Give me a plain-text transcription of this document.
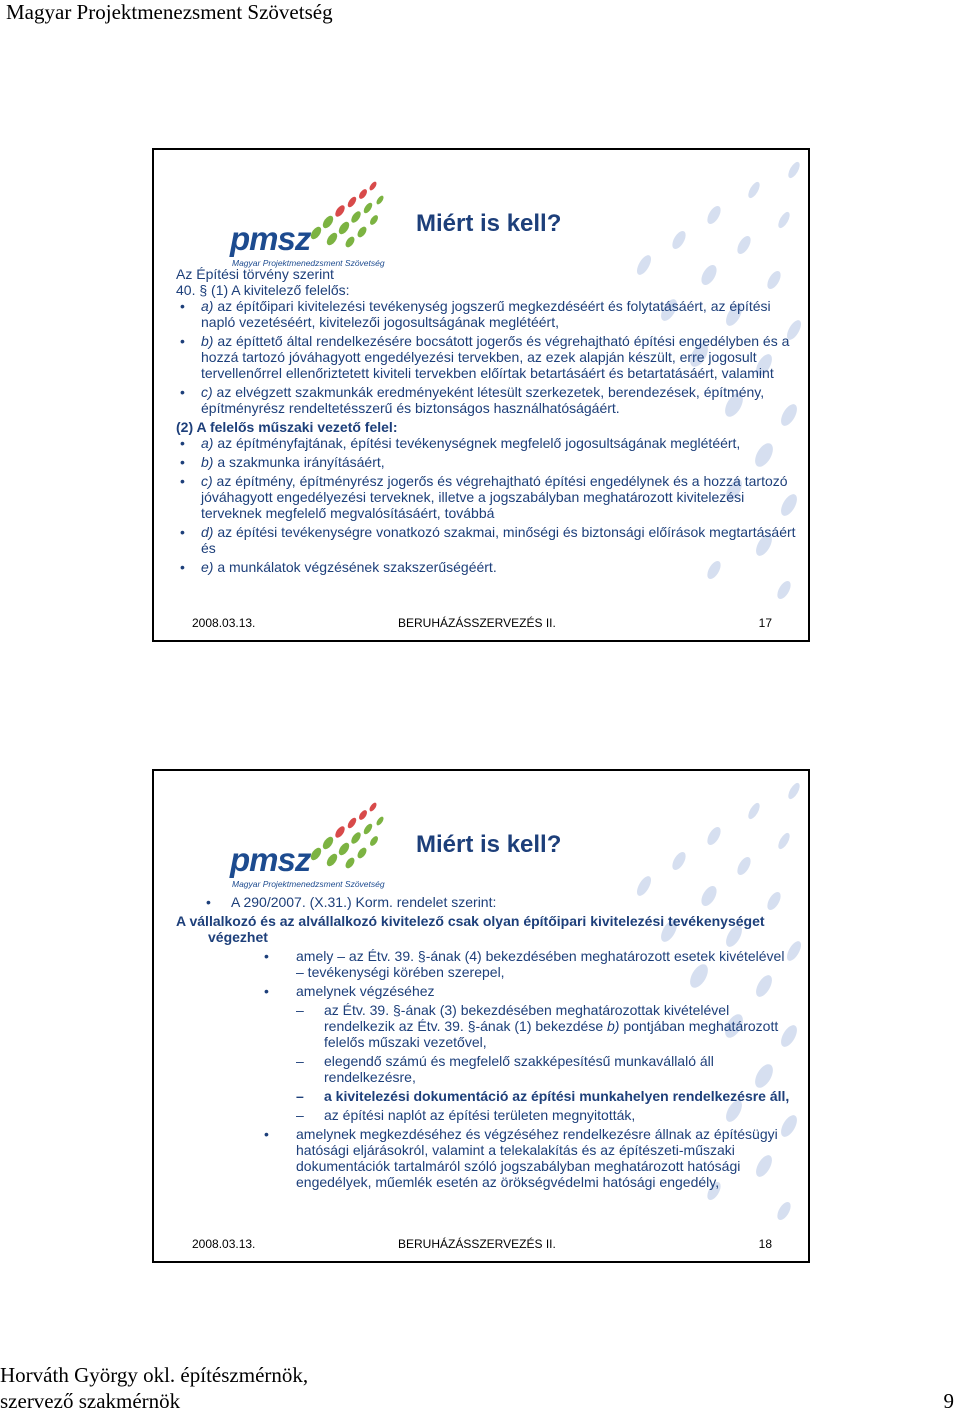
Magyar Projektmenezsment Szövetség
pmsz
Magyar Projektmenedzsment Szövetség
Miért is kell?

Az Építési törvény szerint

40. § (1) A kivitelező felelős:

• a) az építőipari kivitelezési tevékenység jogszerű megkezdéséért és folytatásáért, az építési napló vezetéséért, kivitelezői jogosultságának meglétéért,
• b) az építtető által rendelkezésére bocsátott jogerős és végrehajtható építési engedélyben és a hozzá tartozó jóváhagyott engedélyezési tervekben, az ezek alapján készült, erre jogosult tervellenőrrel ellenőriztetett kiviteli tervekben előírtak betartásáért és betartatásáért, valamint
• c) az elvégzett szakmunkák eredményeként létesült szerkezetek, berendezések, építmény, építményrész rendeltetésszerű és biztonságos használhatóságáért.

(2) A felelős műszaki vezető felel:

• a) az építményfajtának, építési tevékenységnek megfelelő jogosultságának meglétéért,
• b) a szakmunka irányításáért,
• c) az építmény, építményrész jogerős és végrehajtható építési engedélynek és a hozzá tartozó jóváhagyott engedélyezési terveknek, illetve a jogszabályban meghatározott kivitelezési terveknek megfelelő megvalósításáért, továbbá
• d) az építési tevékenységre vonatkozó szakmai, minőségi és biztonsági előírások megtartásáért és
• e) a munkálatok végzésének szakszerűségéért.
2008.03.13.	BERUHÁZÁSSZERVEZÉS II.	17
pmsz
Magyar Projektmenedzsment Szövetség
Miért is kell?
• A 290/2007. (X.31.) Korm. rendelet szerint:
A vállalkozó és az alvállalkozó kivitelező csak olyan építőipari kivitelezési tevékenységet végezhet
• amely – az Étv. 39. §-ának (4) bekezdésében meghatározott esetek kivételével – tevékenységi körében szerepel,
• amelynek végzéséhez
– az Étv. 39. §-ának (3) bekezdésében meghatározottak kivételével rendelkezik az Étv. 39. §-ának (1) bekezdése b) pontjában meghatározott felelős műszaki vezetővel,
– elegendő számú és megfelelő szakképesítésű munkavállaló áll rendelkezésre,
– a kivitelezési dokumentáció az építési munkahelyen rendelkezésre áll,
– az építési naplót az építési területen megnyitották,
• amelynek megkezdéséhez és végzéséhez rendelkezésre állnak az építésügyi hatósági eljárásokról, valamint a telekalakítás és az építészeti-műszaki dokumentációk tartalmáról szóló jogszabályban meghatározott hatósági engedélyek, műemlék esetén az örökségvédelmi hatósági engedély,
2008.03.13.	BERUHÁZÁSSZERVEZÉS II.	18
Horváth György okl. építészmérnök,
szervező szakmérnök	9
